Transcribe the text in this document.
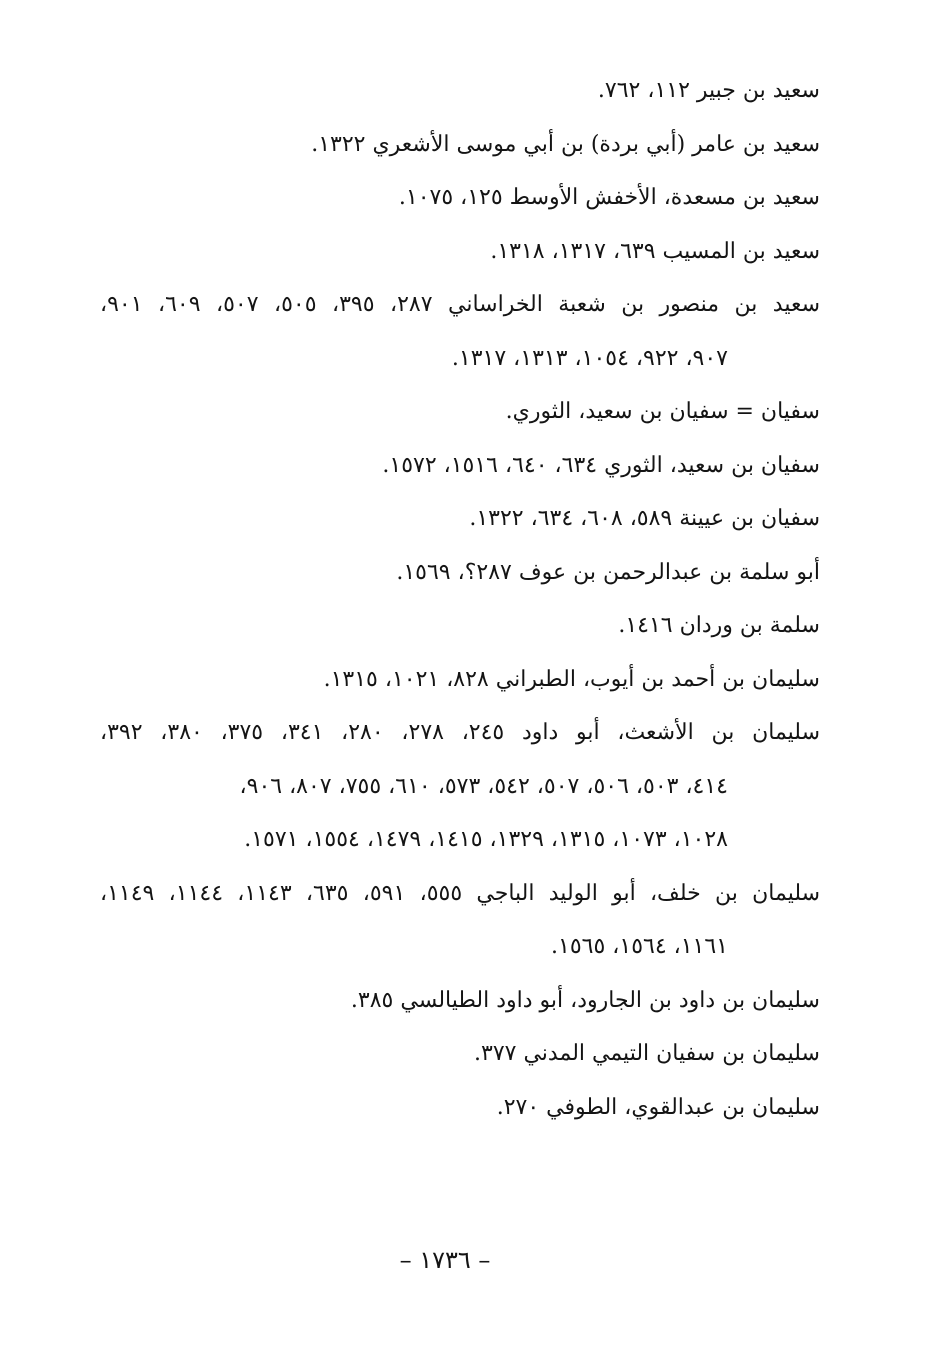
سعيد بن جبير ١١٢، ٧٦٢.
سعيد بن عامر (أبي بردة) بن أبي موسى الأشعري ١٣٢٢.
سعيد بن مسعدة، الأخفش الأوسط ١٢٥، ١٠٧٥.
سعيد بن المسيب ٦٣٩، ١٣١٧، ١٣١٨.
سعيد بن منصور بن شعبة الخراساني ٢٨٧، ٣٩٥، ٥٠٥، ٥٠٧، ٦٠٩، ٩٠١،
٩٠٧، ٩٢٢، ١٠٥٤، ١٣١٣، ١٣١٧.
سفيان = سفيان بن سعيد، الثوري.
سفيان بن سعيد، الثوري ٦٣٤، ٦٤٠، ١٥١٦، ١٥٧٢.
سفيان بن عيينة ٥٨٩، ٦٠٨، ٦٣٤، ١٣٢٢.
أبو سلمة بن عبدالرحمن بن عوف ٢٨٧؟، ١٥٦٩.
سلمة بن وردان ١٤١٦.
سليمان بن أحمد بن أيوب، الطبراني ٨٢٨، ١٠٢١، ١٣١٥.
سليمان بن الأشعث، أبو داود ٢٤٥، ٢٧٨، ٢٨٠، ٣٤١، ٣٧٥، ٣٨٠، ٣٩٢،
٤١٤، ٥٠٣، ٥٠٦، ٥٠٧، ٥٤٢، ٥٧٣، ٦١٠، ٧٥٥، ٨٠٧، ٩٠٦،
١٠٢٨، ١٠٧٣، ١٣١٥، ١٣٢٩، ١٤١٥، ١٤٧٩، ١٥٥٤، ١٥٧١.
سليمان بن خلف، أبو الوليد الباجي ٥٥٥، ٥٩١، ٦٣٥، ١١٤٣، ١١٤٤، ١١٤٩،
١١٦١، ١٥٦٤، ١٥٦٥.
سليمان بن داود بن الجارود، أبو داود الطيالسي ٣٨٥.
سليمان بن سفيان التيمي المدني ٣٧٧.
سليمان بن عبدالقوي، الطوفي ٢٧٠.
– ١٧٣٦ –
